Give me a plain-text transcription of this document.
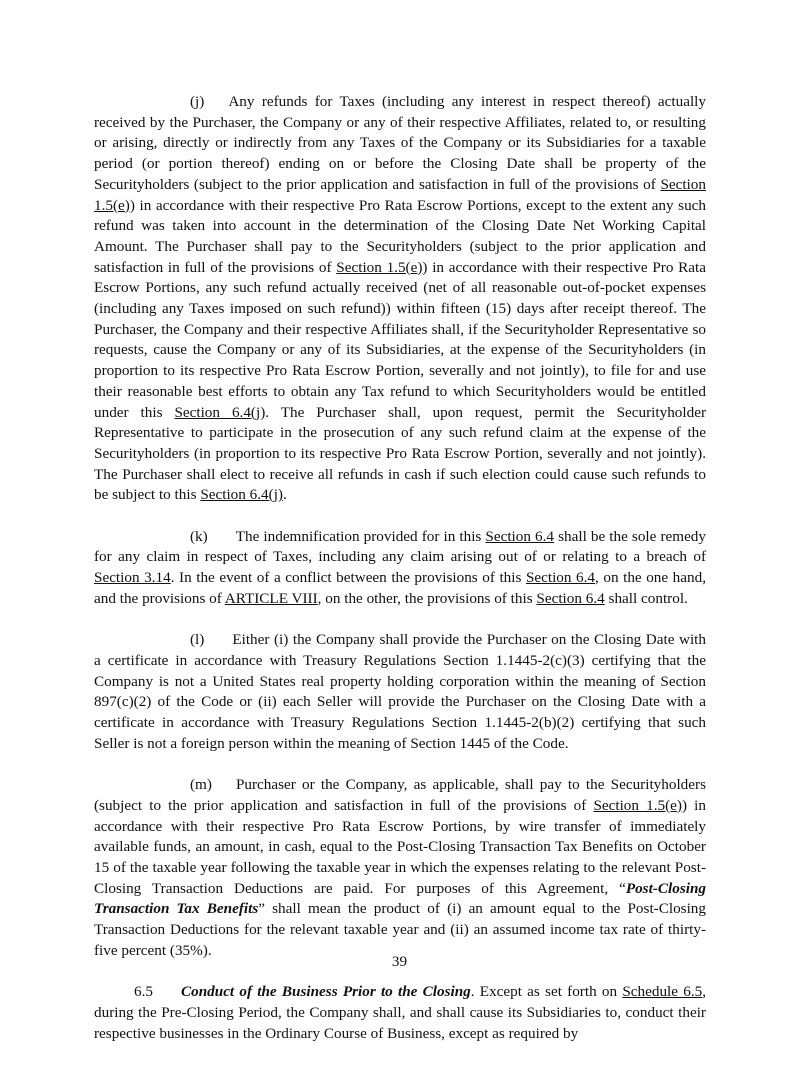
(j) Any refunds for Taxes (including any interest in respect thereof) actually received by the Purchaser, the Company or any of their respective Affiliates, related to, or resulting or arising, directly or indirectly from any Taxes of the Company or its Subsidiaries for a taxable period (or portion thereof) ending on or before the Closing Date shall be property of the Securityholders (subject to the prior application and satisfaction in full of the provisions of Section 1.5(e)) in accordance with their respective Pro Rata Escrow Portions, except to the extent any such refund was taken into account in the determination of the Closing Date Net Working Capital Amount. The Purchaser shall pay to the Securityholders (subject to the prior application and satisfaction in full of the provisions of Section 1.5(e)) in accordance with their respective Pro Rata Escrow Portions, any such refund actually received (net of all reasonable out-of-pocket expenses (including any Taxes imposed on such refund)) within fifteen (15) days after receipt thereof. The Purchaser, the Company and their respective Affiliates shall, if the Securityholder Representative so requests, cause the Company or any of its Subsidiaries, at the expense of the Securityholders (in proportion to its respective Pro Rata Escrow Portion, severally and not jointly), to file for and use their reasonable best efforts to obtain any Tax refund to which Securityholders would be entitled under this Section 6.4(j). The Purchaser shall, upon request, permit the Securityholder Representative to participate in the prosecution of any such refund claim at the expense of the Securityholders (in proportion to its respective Pro Rata Escrow Portion, severally and not jointly). The Purchaser shall elect to receive all refunds in cash if such election could cause such refunds to be subject to this Section 6.4(j).

(k) The indemnification provided for in this Section 6.4 shall be the sole remedy for any claim in respect of Taxes, including any claim arising out of or relating to a breach of Section 3.14. In the event of a conflict between the provisions of this Section 6.4, on the one hand, and the provisions of ARTICLE VIII, on the other, the provisions of this Section 6.4 shall control.

(l) Either (i) the Company shall provide the Purchaser on the Closing Date with a certificate in accordance with Treasury Regulations Section 1.1445-2(c)(3) certifying that the Company is not a United States real property holding corporation within the meaning of Section 897(c)(2) of the Code or (ii) each Seller will provide the Purchaser on the Closing Date with a certificate in accordance with Treasury Regulations Section 1.1445-2(b)(2) certifying that such Seller is not a foreign person within the meaning of Section 1445 of the Code.

(m) Purchaser or the Company, as applicable, shall pay to the Securityholders (subject to the prior application and satisfaction in full of the provisions of Section 1.5(e)) in accordance with their respective Pro Rata Escrow Portions, by wire transfer of immediately available funds, an amount, in cash, equal to the Post-Closing Transaction Tax Benefits on October 15 of the taxable year following the taxable year in which the expenses relating to the relevant Post-Closing Transaction Deductions are paid. For purposes of this Agreement, “Post-Closing Transaction Tax Benefits” shall mean the product of (i) an amount equal to the Post-Closing Transaction Deductions for the relevant taxable year and (ii) an assumed income tax rate of thirty-five percent (35%).

6.5 Conduct of the Business Prior to the Closing. Except as set forth on Schedule 6.5, during the Pre-Closing Period, the Company shall, and shall cause its Subsidiaries to, conduct their respective businesses in the Ordinary Course of Business, except as required by

39
